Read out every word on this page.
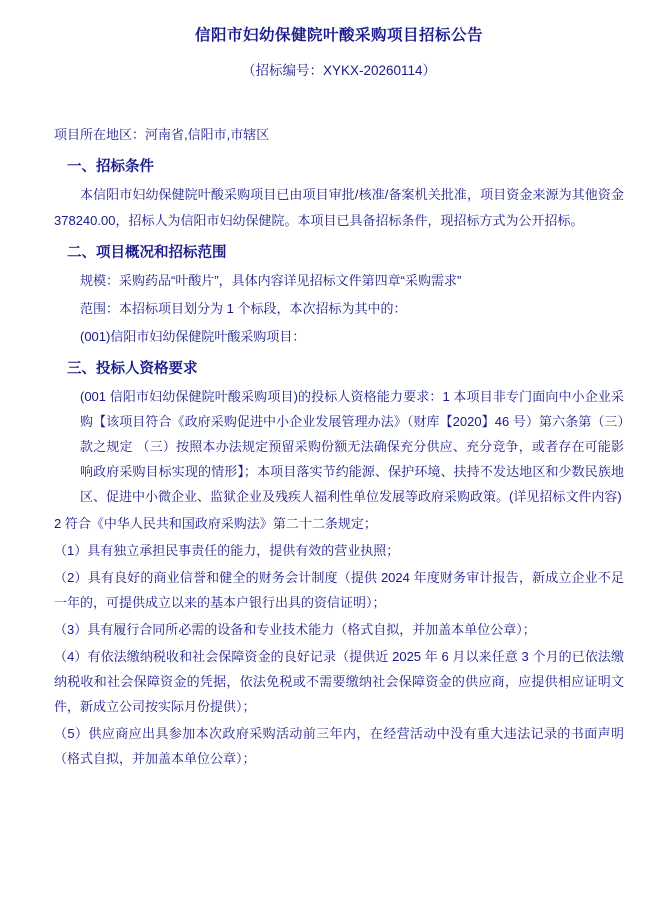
信阳市妇幼保健院叶酸采购项目招标公告
（招标编号：XYKX-20260114）
项目所在地区：河南省,信阳市,市辖区
一、招标条件
本信阳市妇幼保健院叶酸采购项目已由项目审批/核准/备案机关批准，项目资金来源为其他资金 378240.00，招标人为信阳市妇幼保健院。本项目已具备招标条件，现招标方式为公开招标。
二、项目概况和招标范围
规模：采购药品“叶酸片”，具体内容详见招标文件第四章“采购需求”
范围：本招标项目划分为 1 个标段，本次招标为其中的：
(001)信阳市妇幼保健院叶酸采购项目：
三、投标人资格要求
(001 信阳市妇幼保健院叶酸采购项目)的投标人资格能力要求：1 本项目非专门面向中小企业采购【该项目符合《政府采购促进中小企业发展管理办法》（财库【2020】46 号）第六条第（三）款之规定 （三）按照本办法规定预留采购份额无法确保充分供应、充分竞争，或者存在可能影响政府采购目标实现的情形】；本项目落实节约能源、保护环境、扶持不发达地区和少数民族地区、促进中小微企业、监狱企业及残疾人福利性单位发展等政府采购政策。(详见招标文件内容)
2 符合《中华人民共和国政府采购法》第二十二条规定；
（1）具有独立承担民事责任的能力，提供有效的营业执照；
（2）具有良好的商业信誉和健全的财务会计制度（提供 2024 年度财务审计报告，新成立企业不足一年的，可提供成立以来的基本户银行出具的资信证明）；
（3）具有履行合同所必需的设备和专业技术能力（格式自拟，并加盖本单位公章）；
（4）有依法缴纳税收和社会保障资金的良好记录（提供近 2025 年 6 月以来任意 3 个月的已依法缴纳税收和社会保障资金的凭据，依法免税或不需要缴纳社会保障资金的供应商，应提供相应证明文件，新成立公司按实际月份提供）；
（5）供应商应出具参加本次政府采购活动前三年内，在经营活动中没有重大违法记录的书面声明（格式自拟，并加盖本单位公章）；
